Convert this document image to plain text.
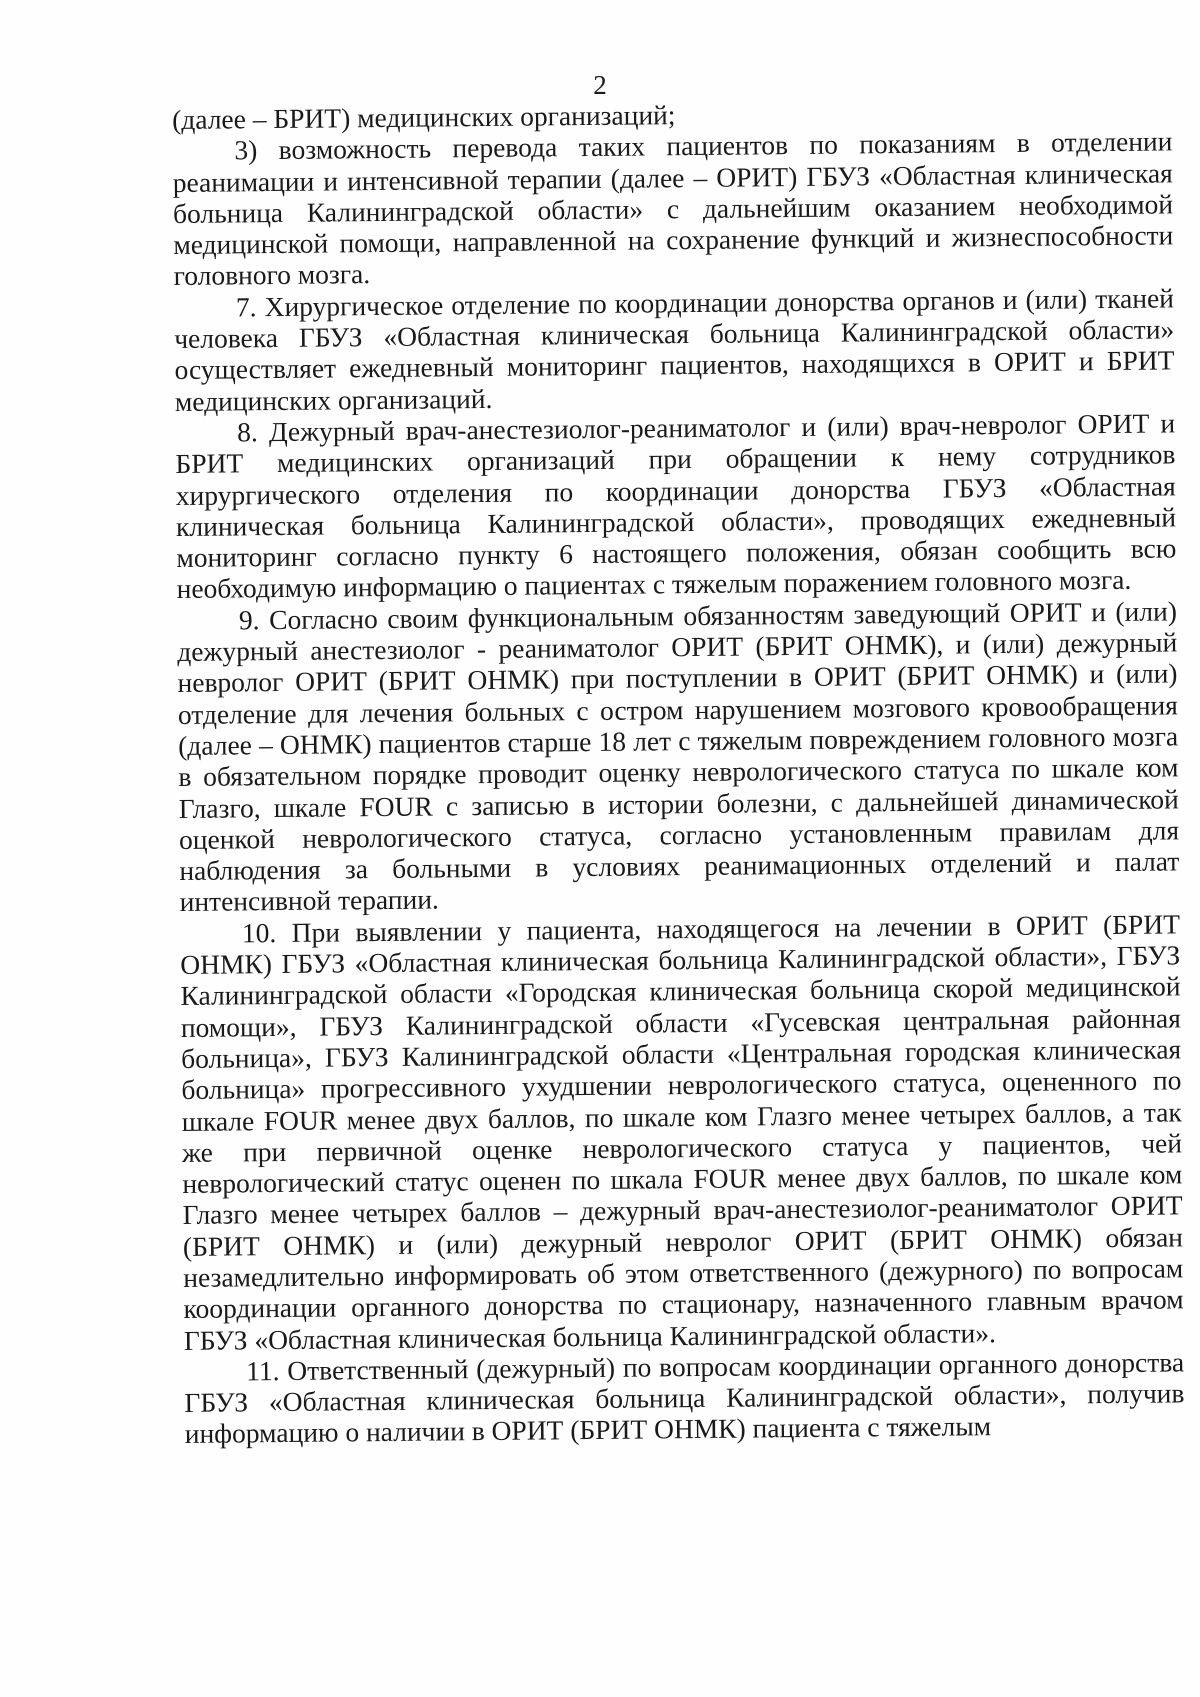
2

(далее – БРИТ) медицинских организаций;

3) возможность перевода таких пациентов по показаниям в отделении реанимации и интенсивной терапии (далее – ОРИТ) ГБУЗ «Областная клиническая больница Калининградской области» с дальнейшим оказанием необходимой медицинской помощи, направленной на сохранение функций и жизнеспособности головного мозга.

7. Хирургическое отделение по координации донорства органов и (или) тканей человека ГБУЗ «Областная клиническая больница Калининградской области» осуществляет ежедневный мониторинг пациентов, находящихся в ОРИТ и БРИТ медицинских организаций.

8. Дежурный врач-анестезиолог-реаниматолог и (или) врач-невролог ОРИТ и БРИТ медицинских организаций при обращении к нему сотрудников хирургического отделения по координации донорства ГБУЗ «Областная клиническая больница Калининградской области», проводящих ежедневный мониторинг согласно пункту 6 настоящего положения, обязан сообщить всю необходимую информацию о пациентах с тяжелым поражением головного мозга.

9. Согласно своим функциональным обязанностям заведующий ОРИТ и (или) дежурный анестезиолог - реаниматолог ОРИТ (БРИТ ОНМК), и (или) дежурный невролог ОРИТ (БРИТ ОНМК) при поступлении в ОРИТ (БРИТ ОНМК) и (или) отделение для лечения больных с остром нарушением мозгового кровообращения (далее – ОНМК) пациентов старше 18 лет с тяжелым повреждением головного мозга в обязательном порядке проводит оценку неврологического статуса по шкале ком Глазго, шкале FOUR с записью в истории болезни, с дальнейшей динамической оценкой неврологического статуса, согласно установленным правилам для наблюдения за больными в условиях реанимационных отделений и палат интенсивной терапии.

10. При выявлении у пациента, находящегося на лечении в ОРИТ (БРИТ ОНМК) ГБУЗ «Областная клиническая больница Калининградской области», ГБУЗ Калининградской области «Городская клиническая больница скорой медицинской помощи», ГБУЗ Калининградской области «Гусевская центральная районная больница», ГБУЗ Калининградской области «Центральная городская клиническая больница» прогрессивного ухудшении неврологического статуса, оцененного по шкале FOUR менее двух баллов, по шкале ком Глазго менее четырех баллов, а так же при первичной оценке неврологического статуса у пациентов, чей неврологический статус оценен по шкала FOUR менее двух баллов, по шкале ком Глазго менее четырех баллов – дежурный врач-анестезиолог-реаниматолог ОРИТ (БРИТ ОНМК) и (или) дежурный невролог ОРИТ (БРИТ ОНМК) обязан незамедлительно информировать об этом ответственного (дежурного) по вопросам координации органного донорства по стационару, назначенного главным врачом ГБУЗ «Областная клиническая больница Калининградской области».

11. Ответственный (дежурный) по вопросам координации органного донорства ГБУЗ «Областная клиническая больница Калининградской области», получив информацию о наличии в ОРИТ (БРИТ ОНМК) пациента с тяжелым
